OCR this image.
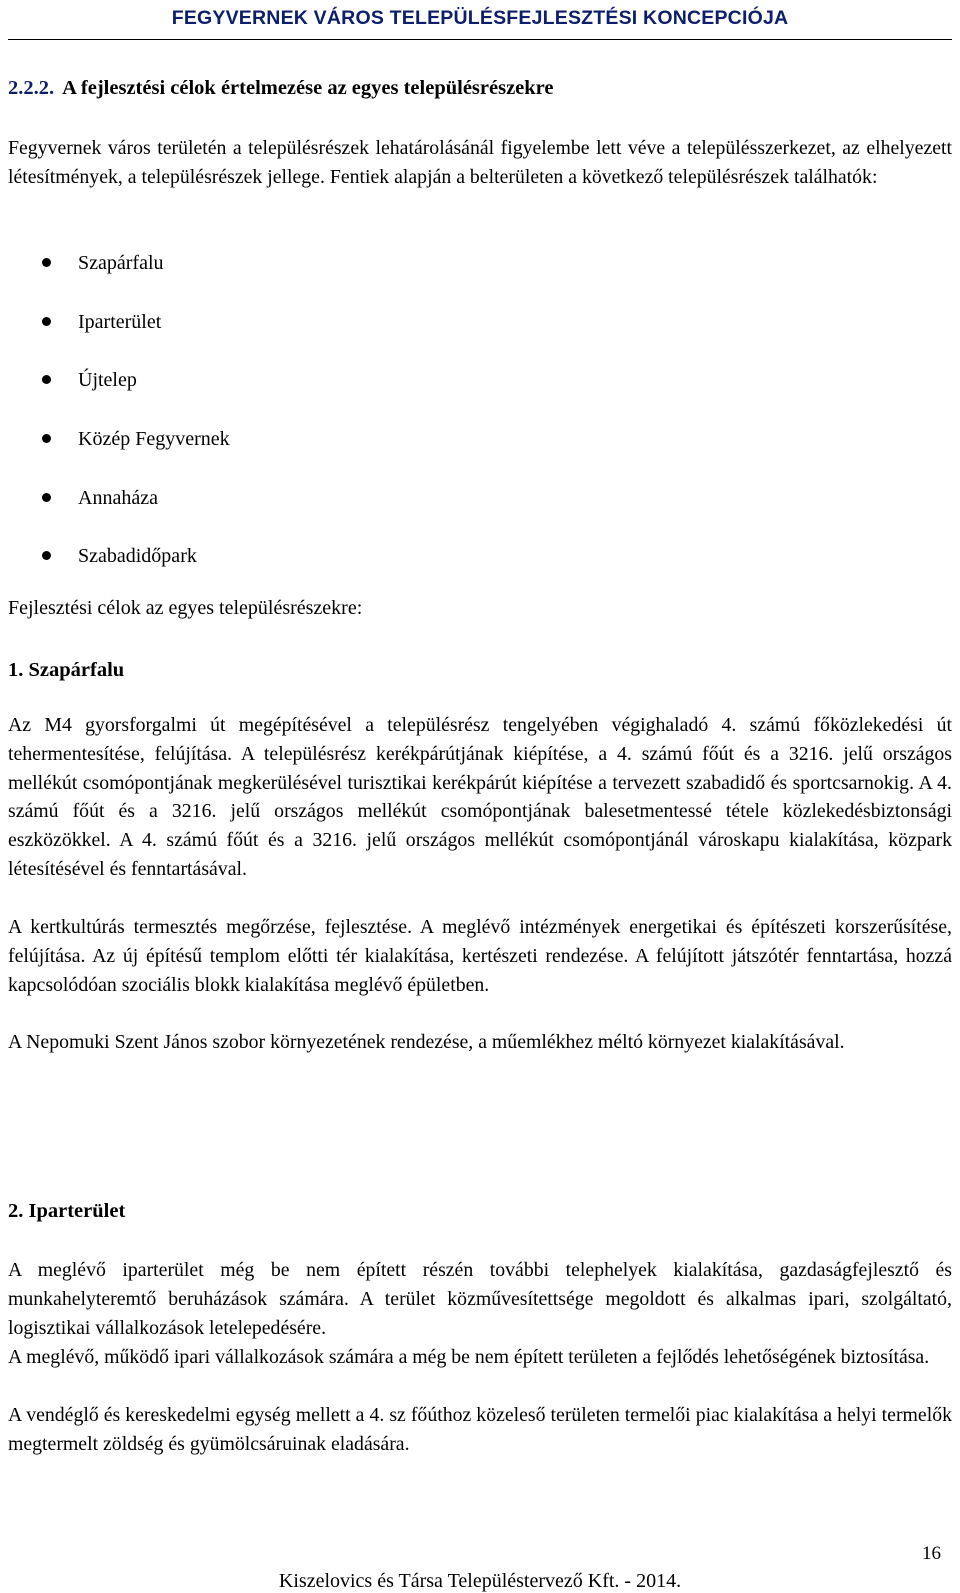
FEGYVERNEK VÁROS TELEPÜLÉSFEJLESZTÉSI KONCEPCIÓJA
2.2.2. A fejlesztési célok értelmezése az egyes településrészekre
Fegyvernek város területén a településrészek lehatárolásánál figyelembe lett véve a településszerkezet, az elhelyezett létesítmények, a településrészek jellege. Fentiek alapján a belterületen a következő településrészek találhatók:
Szapárfalu
Iparterület
Újtelep
Közép Fegyvernek
Annaháza
Szabadidőpark
Fejlesztési célok az egyes településrészekre:
1. Szapárfalu
Az M4 gyorsforgalmi út megépítésével a településrész tengelyében végighaladó 4. számú főközlekedési út tehermentesítése, felújítása. A településrész kerékpárútjának kiépítése, a 4. számú főút és a 3216. jelű országos mellékút csomópontjának megkerülésével turisztikai kerékpárút kiépítése a tervezett szabadidő és sportcsarnokig. A 4. számú főút és a 3216. jelű országos mellékút csomópontjának balesetmentessé tétele közlekedésbiztonsági eszközökkel. A 4. számú főút és a 3216. jelű országos mellékút csomópontjánál városkapu kialakítása, közpark létesítésével és fenntartásával.
A kertkultúrás termesztés megőrzése, fejlesztése. A meglévő intézmények energetikai és építészeti korszerűsítése, felújítása. Az új építésű templom előtti tér kialakítása, kertészeti rendezése. A felújított játszótér fenntartása, hozzá kapcsolódóan szociális blokk kialakítása meglévő épületben.
A Nepomuki Szent János szobor környezetének rendezése, a műemlékhez méltó környezet kialakításával.
2. Iparterület
A meglévő iparterület még be nem épített részén további telephelyek kialakítása, gazdaságfejlesztő és munkahelyteremtő beruházások számára. A terület közművesítettsége megoldott és alkalmas ipari, szolgáltató, logisztikai vállalkozások letelepedésére.
A meglévő, működő ipari vállalkozások számára a még be nem épített területen a fejlődés lehetőségének biztosítása.
A vendéglő és kereskedelmi egység mellett a 4. sz főúthoz közeleső területen termelői piac kialakítása a helyi termelők megtermelt zöldség és gyümölcsáruinak eladására.
16
Kiszelovics és Társa Településtervező Kft. - 2014.
